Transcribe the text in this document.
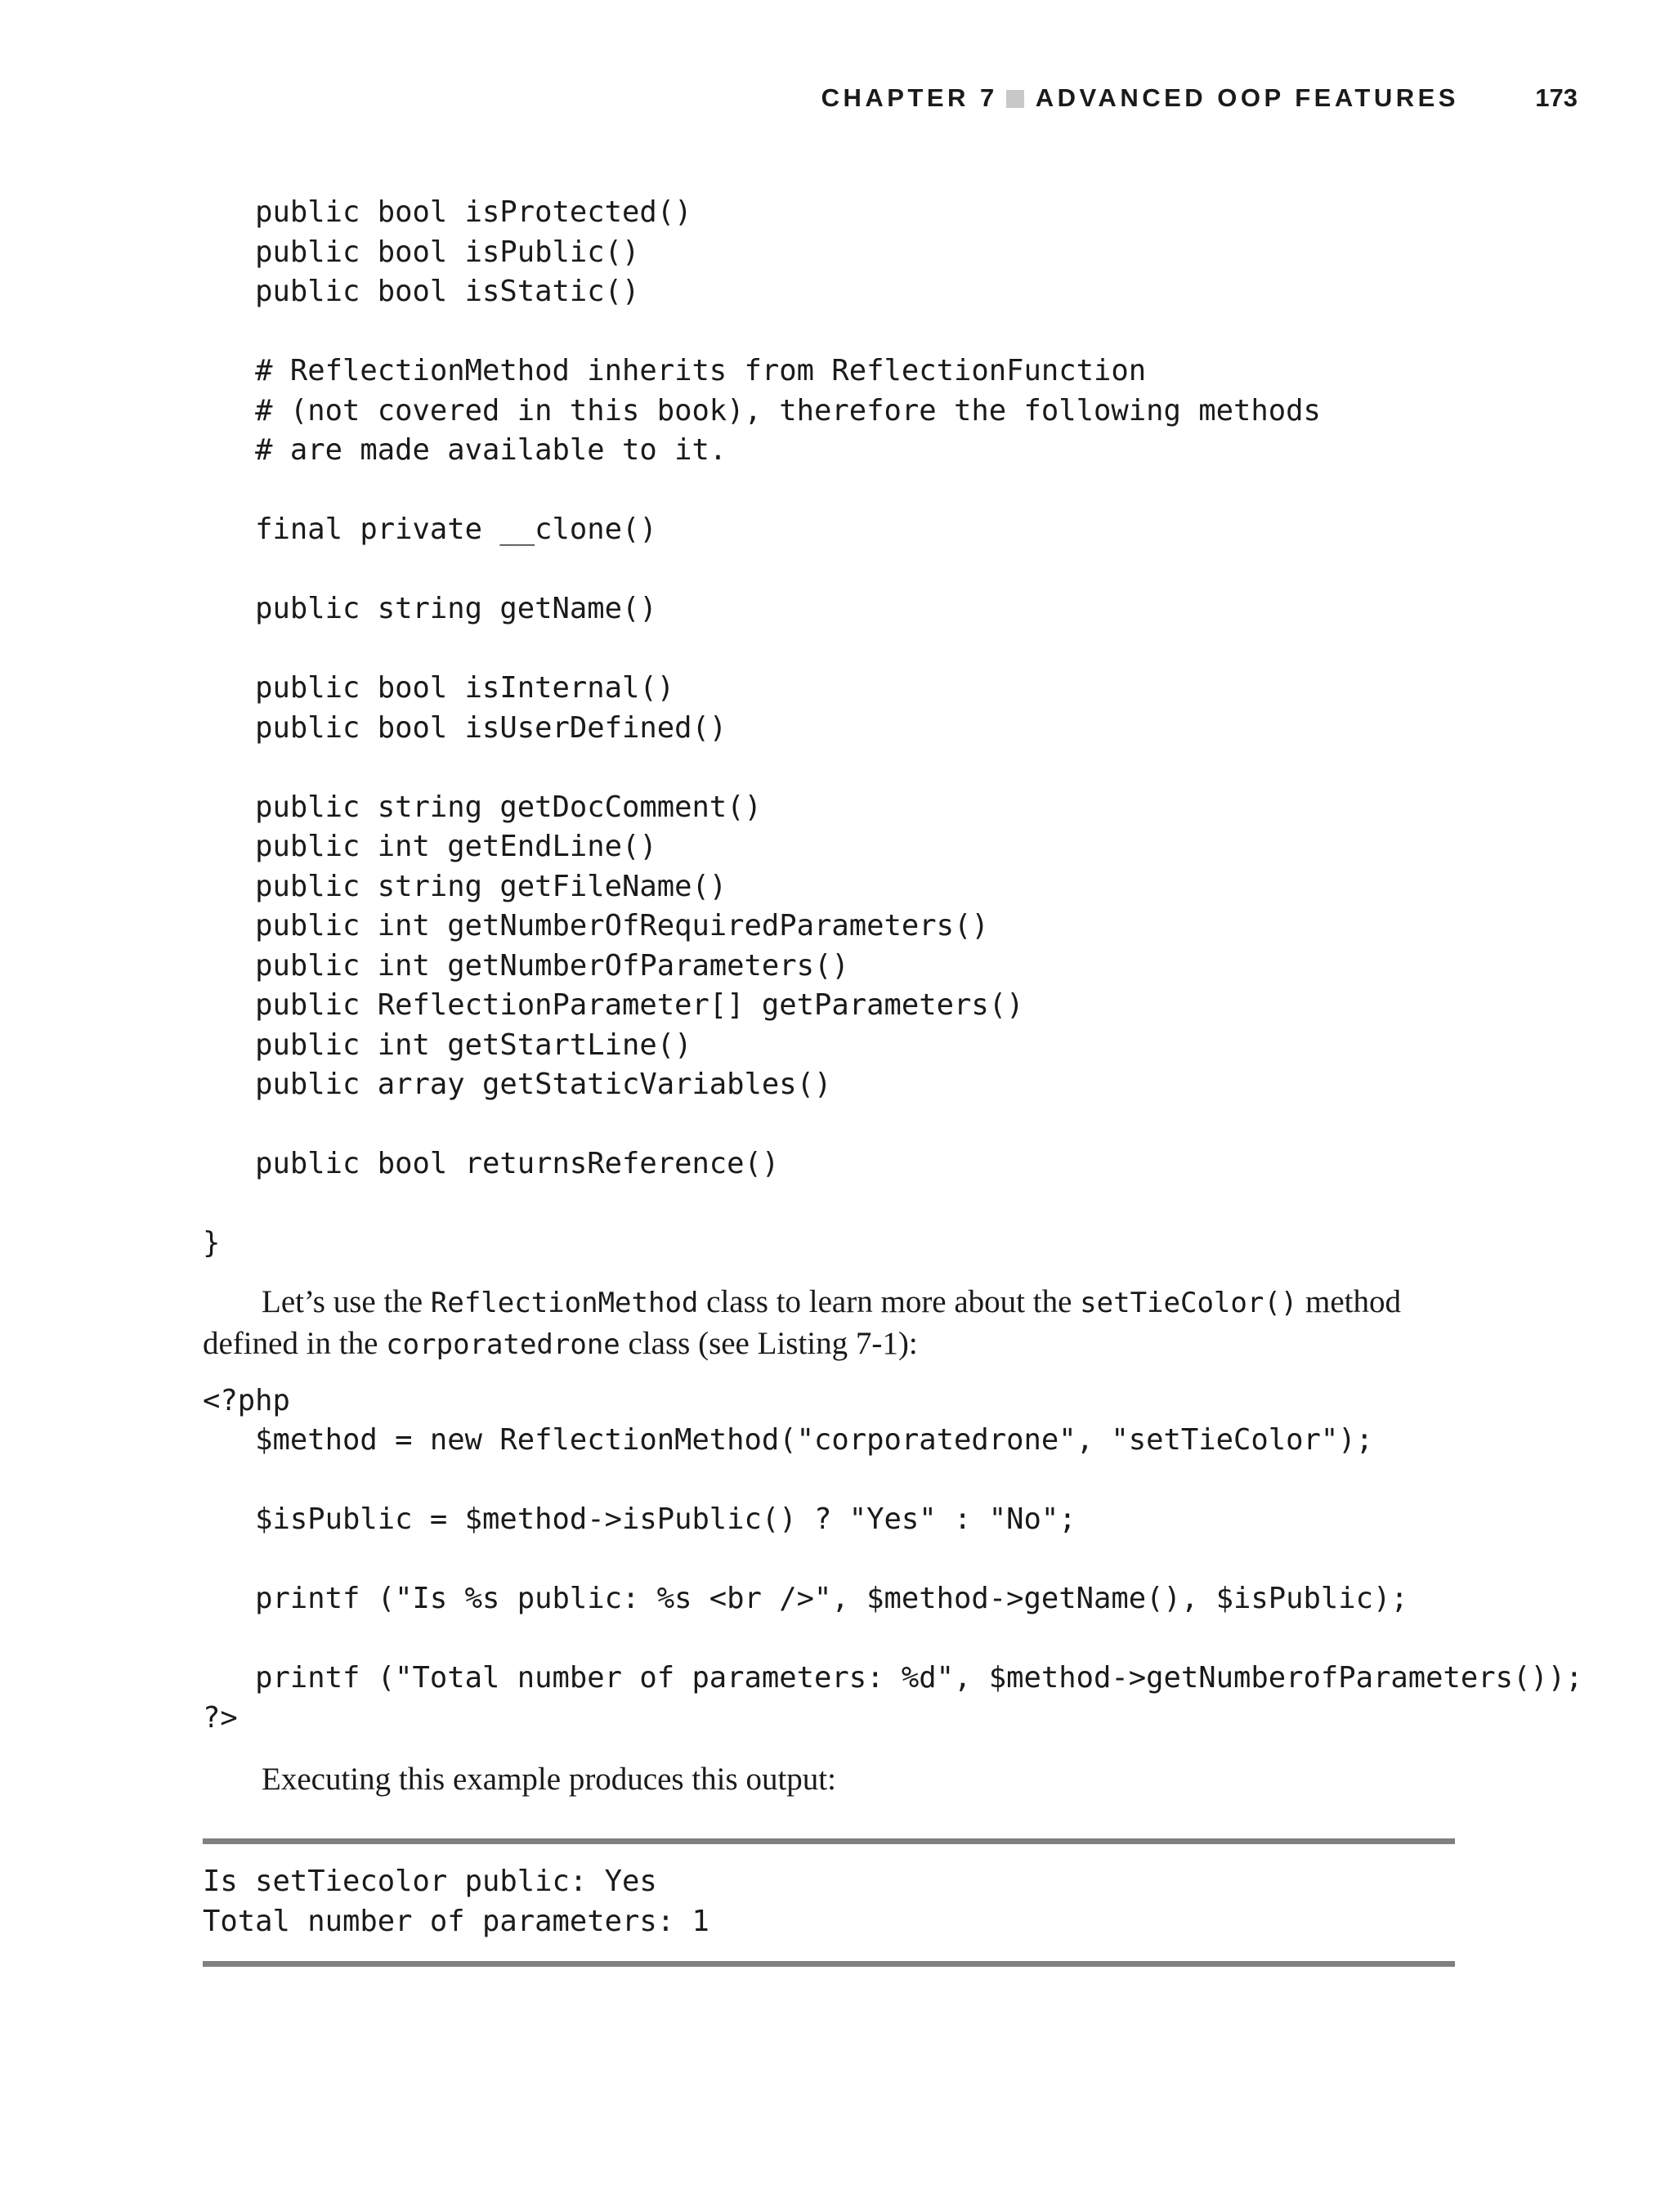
CHAPTER 7 ADVANCED OOP FEATURES	173
public bool isProtected()
public bool isPublic()
public bool isStatic()
# ReflectionMethod inherits from ReflectionFunction
# (not covered in this book), therefore the following methods
# are made available to it.
final private __clone()
public string getName()
public bool isInternal()
public bool isUserDefined()
public string getDocComment()
public int getEndLine()
public string getFileName()
public int getNumberOfRequiredParameters()
public int getNumberOfParameters()
public ReflectionParameter[] getParameters()
public int getStartLine()
public array getStaticVariables()
public bool returnsReference()
}

Let’s use the ReflectionMethod class to learn more about the setTieColor() method defined in the corporatedrone class (see Listing 7-1):

<?php
$method = new ReflectionMethod("corporatedrone", "setTieColor");
$isPublic = $method->isPublic() ? "Yes" : "No";
printf ("Is %s public: %s <br />", $method->getName(), $isPublic);
printf ("Total number of parameters: %d", $method->getNumberofParameters());
?>

Executing this example produces this output:

Is setTiecolor public: Yes
Total number of parameters: 1
